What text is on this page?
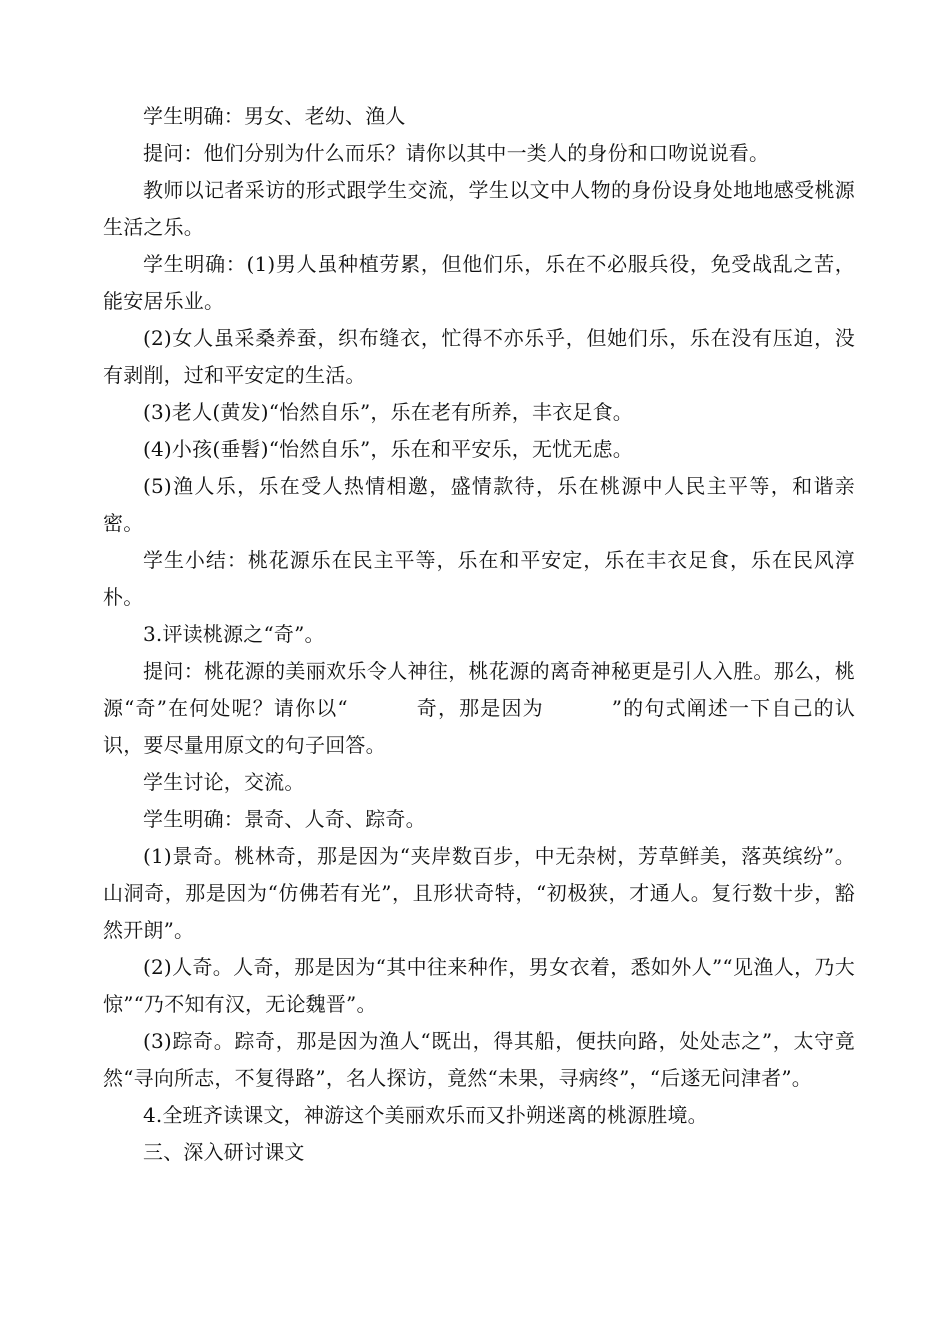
学生明确：男女、老幼、渔人

提问：他们分别为什么而乐？请你以其中一类人的身份和口吻说说看。

教师以记者采访的形式跟学生交流，学生以文中人物的身份设身处地地感受桃源生活之乐。

学生明确：(1)男人虽种植劳累，但他们乐，乐在不必服兵役，免受战乱之苦，能安居乐业。

(2)女人虽采桑养蚕，织布缝衣，忙得不亦乐乎，但她们乐，乐在没有压迫，没有剥削，过和平安定的生活。

(3)老人(黄发)“怡然自乐”，乐在老有所养，丰衣足食。

(4)小孩(垂髫)“怡然自乐”，乐在和平安乐，无忧无虑。

(5)渔人乐，乐在受人热情相邀，盛情款待，乐在桃源中人民主平等，和谐亲密。

学生小结：桃花源乐在民主平等，乐在和平安定，乐在丰衣足食，乐在民风淳朴。

3.评读桃源之“奇”。

提问：桃花源的美丽欢乐令人神往，桃花源的离奇神秘更是引人入胜。那么，桃源“奇”在何处呢？请你以“	奇，那是因为	”的句式阐述一下自己的认识，要尽量用原文的句子回答。

学生讨论，交流。

学生明确：景奇、人奇、踪奇。

(1)景奇。桃林奇，那是因为“夹岸数百步，中无杂树，芳草鲜美，落英缤纷”。山洞奇，那是因为“仿佛若有光”，且形状奇特，“初极狭，才通人。复行数十步，豁然开朗”。

(2)人奇。人奇，那是因为“其中往来种作，男女衣着，悉如外人”“见渔人，乃大惊”“乃不知有汉，无论魏晋”。

(3)踪奇。踪奇，那是因为渔人“既出，得其船，便扶向路，处处志之”，太守竟然“寻向所志，不复得路”，名人探访，竟然“未果，寻病终”，“后遂无问津者”。

4.全班齐读课文，神游这个美丽欢乐而又扑朔迷离的桃源胜境。

三、深入研讨课文
